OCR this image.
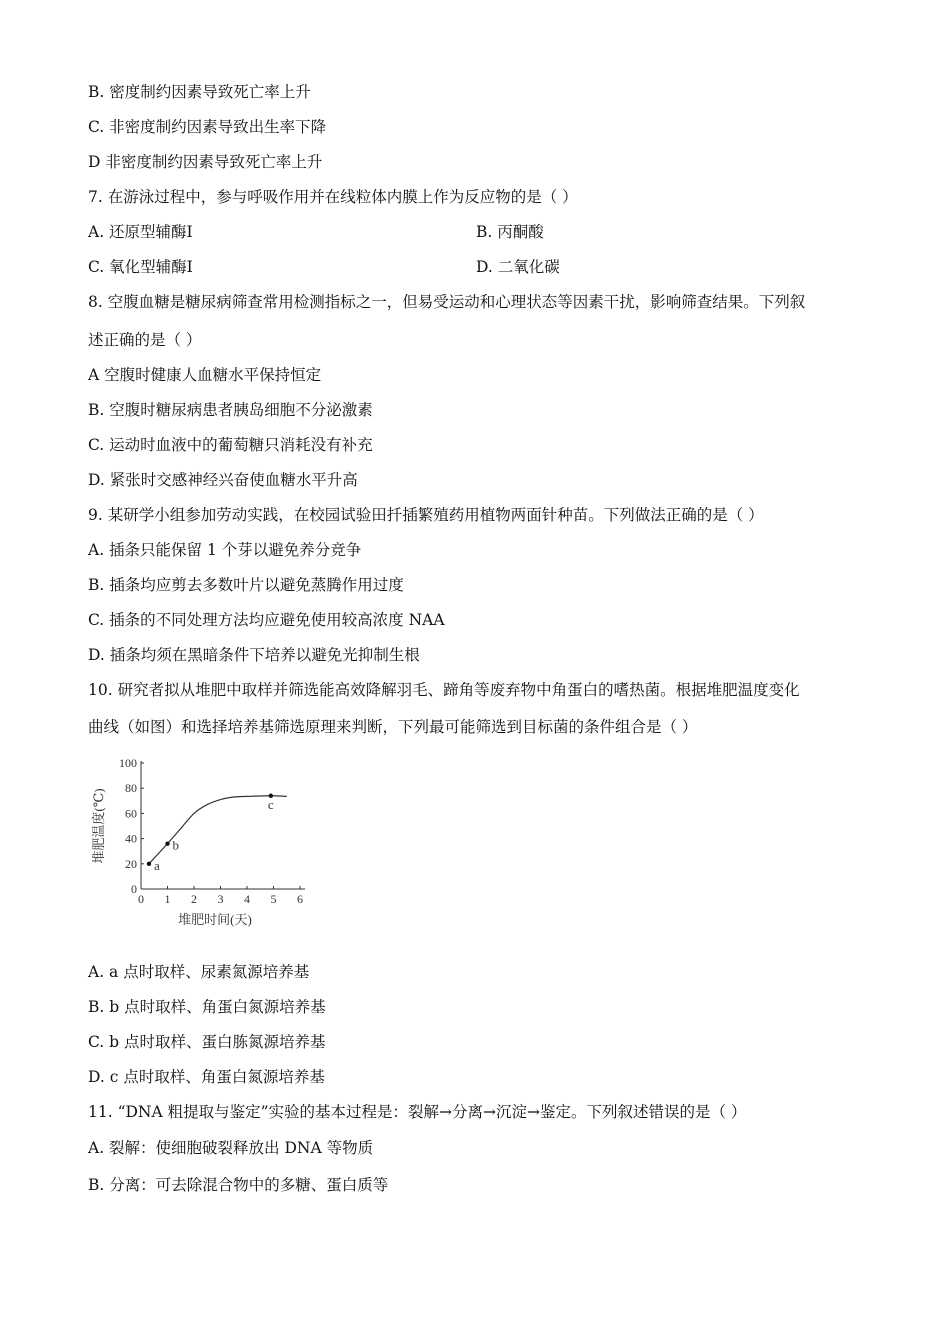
B. 密度制约因素导致死亡率上升
C. 非密度制约因素导致出生率下降
D 非密度制约因素导致死亡率上升
7. 在游泳过程中，参与呼吸作用并在线粒体内膜上作为反应物的是（ ）
A. 还原型辅酶Ⅰ	B. 丙酮酸
C. 氧化型辅酶Ⅰ	D. 二氧化碳
8. 空腹血糖是糖尿病筛查常用检测指标之一，但易受运动和心理状态等因素干扰，影响筛查结果。下列叙
述正确的是（ ）
A 空腹时健康人血糖水平保持恒定
B. 空腹时糖尿病患者胰岛细胞不分泌激素
C. 运动时血液中的葡萄糖只消耗没有补充
D. 紧张时交感神经兴奋使血糖水平升高
9. 某研学小组参加劳动实践，在校园试验田扦插繁殖药用植物两面针种苗。下列做法正确的是（ ）
A. 插条只能保留 1 个芽以避免养分竞争
B. 插条均应剪去多数叶片以避免蒸腾作用过度
C. 插条的不同处理方法均应避免使用较高浓度 NAA
D. 插条均须在黑暗条件下培养以避免光抑制生根
10. 研究者拟从堆肥中取样并筛选能高效降解羽毛、蹄角等废弃物中角蛋白的嗜热菌。根据堆肥温度变化
曲线（如图）和选择培养基筛选原理来判断，下列最可能筛选到目标菌的条件组合是（ ）
0 1 2 3 4 5 6
0
20
40
60
80
100
a
b
c
堆肥时间(天)
堆肥温度(℃)
A. a 点时取样、尿素氮源培养基
B. b 点时取样、角蛋白氮源培养基
C. b 点时取样、蛋白胨氮源培养基
D. c 点时取样、角蛋白氮源培养基
11. “DNA 粗提取与鉴定”实验的基本过程是：裂解→分离→沉淀→鉴定。下列叙述错误的是（ ）
A. 裂解：使细胞破裂释放出 DNA 等物质
B. 分离：可去除混合物中的多糖、蛋白质等
